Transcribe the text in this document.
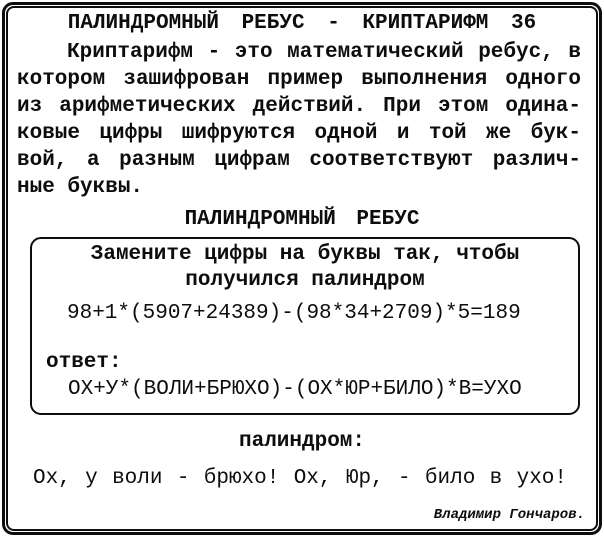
ПАЛИНДРОМНЫЙ РЕБУС - КРИПТАРИФМ 36
Криптарифм - это математический ребус, в
котором зашифрован пример выполнения одного
из арифметических действий. При этом одина-
ковые цифры шифруются одной и той же бук-
вой, а разным цифрам соответствуют различ-
ные буквы.
ПАЛИНДРОМНЫЙ РЕБУС
Замените цифры на буквы так, чтобы
получился палиндром
98+1*(5907+24389)-(98*34+2709)*5=189
ответ:
ОХ+У*(ВОЛИ+БРЮХО)-(ОХ*ЮР+БИЛО)*В=УХО
палиндром:
Ох, у воли - брюхо! Ох, Юр, - било в ухо!
Владимир Гончаров.
